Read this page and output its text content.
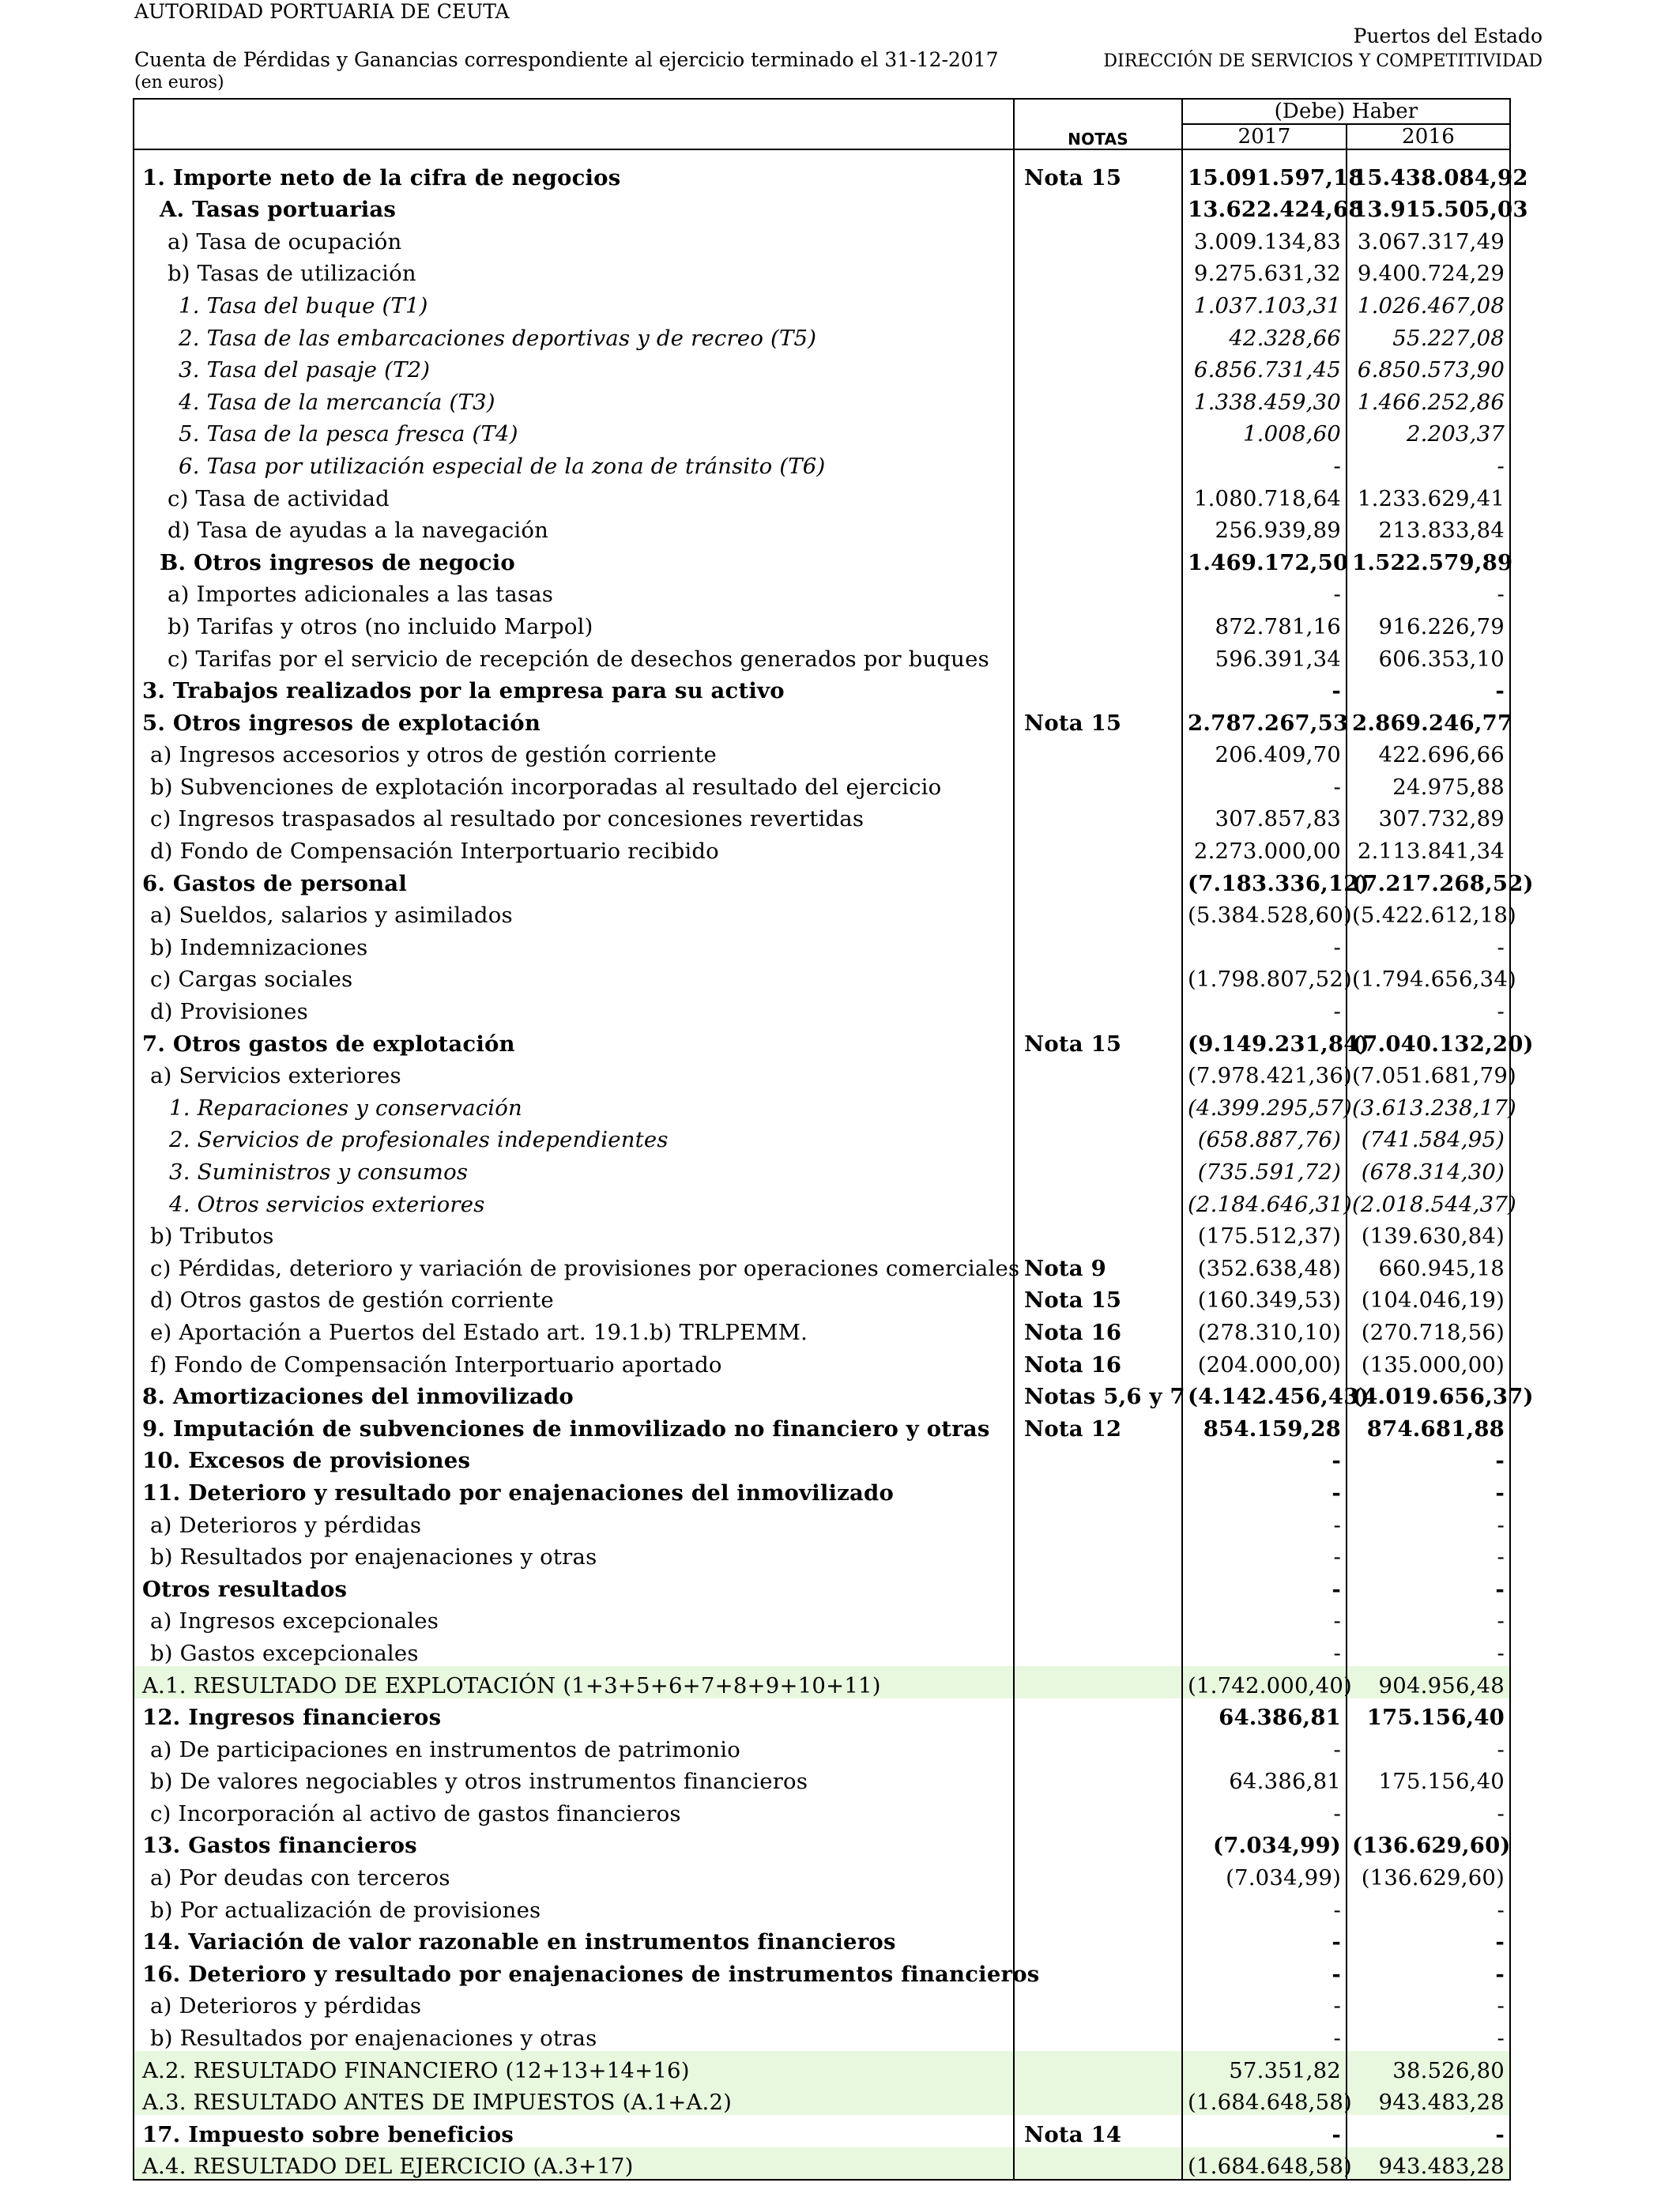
AUTORIDAD PORTUARIA DE CEUTA
Puertos del Estado
Cuenta de Pérdidas y Ganancias correspondiente al ejercicio terminado el 31-12-2017	DIRECCIÓN DE SERVICIOS Y COMPETITIVIDAD
(en euros)
	NOTAS	(Debe) Haber	
		2017	2016

1. Importe neto de la cifra de negocios	Nota 15	15.091.597,18	15.438.084,92
A. Tasas portuarias		13.622.424,68	13.915.505,03
a) Tasa de ocupación		3.009.134,83	3.067.317,49
b) Tasas de utilización		9.275.631,32	9.400.724,29
1. Tasa del buque (T1)		1.037.103,31	1.026.467,08
2. Tasa de las embarcaciones deportivas y de recreo (T5)		42.328,66	55.227,08
3. Tasa del pasaje (T2)		6.856.731,45	6.850.573,90
4. Tasa de la mercancía (T3)		1.338.459,30	1.466.252,86
5. Tasa de la pesca fresca (T4)		1.008,60	2.203,37
6. Tasa por utilización especial de la zona de tránsito (T6)		-	-
c) Tasa de actividad		1.080.718,64	1.233.629,41
d) Tasa de ayudas a la navegación		256.939,89	213.833,84
B. Otros ingresos de negocio		1.469.172,50	1.522.579,89
a) Importes adicionales a las tasas		-	-
b) Tarifas y otros (no incluido Marpol)		872.781,16	916.226,79
c) Tarifas por el servicio de recepción de desechos generados por buques		596.391,34	606.353,10
3. Trabajos realizados por la empresa para su activo		-	-
5. Otros ingresos de explotación	Nota 15	2.787.267,53	2.869.246,77
a) Ingresos accesorios y otros de gestión corriente		206.409,70	422.696,66
b) Subvenciones de explotación incorporadas al resultado del ejercicio		-	24.975,88
c) Ingresos traspasados al resultado por concesiones revertidas		307.857,83	307.732,89
d) Fondo de Compensación Interportuario recibido		2.273.000,00	2.113.841,34
6. Gastos de personal		(7.183.336,12)	(7.217.268,52)
a) Sueldos, salarios y asimilados		(5.384.528,60)	(5.422.612,18)
b) Indemnizaciones		-	-
c) Cargas sociales		(1.798.807,52)	(1.794.656,34)
d) Provisiones		-	-
7. Otros gastos de explotación	Nota 15	(9.149.231,84)	(7.040.132,20)
a) Servicios exteriores		(7.978.421,36)	(7.051.681,79)
1. Reparaciones y conservación		(4.399.295,57)	(3.613.238,17)
2. Servicios de profesionales independientes		(658.887,76)	(741.584,95)
3. Suministros y consumos		(735.591,72)	(678.314,30)
4. Otros servicios exteriores		(2.184.646,31)	(2.018.544,37)
b) Tributos		(175.512,37)	(139.630,84)
c) Pérdidas, deterioro y variación de provisiones por operaciones comerciales	Nota 9	(352.638,48)	660.945,18
d) Otros gastos de gestión corriente	Nota 15	(160.349,53)	(104.046,19)
e) Aportación a Puertos del Estado art. 19.1.b) TRLPEMM.	Nota 16	(278.310,10)	(270.718,56)
f) Fondo de Compensación Interportuario aportado	Nota 16	(204.000,00)	(135.000,00)
8. Amortizaciones del inmovilizado	Notas 5,6 y 7	(4.142.456,43)	(4.019.656,37)
9. Imputación de subvenciones de inmovilizado no financiero y otras	Nota 12	854.159,28	874.681,88
10. Excesos de provisiones		-	-
11. Deterioro y resultado por enajenaciones del inmovilizado		-	-
a) Deterioros y pérdidas		-	-
b) Resultados por enajenaciones y otras		-	-
Otros resultados		-	-
a) Ingresos excepcionales		-	-
b) Gastos excepcionales		-	-
A.1. RESULTADO DE EXPLOTACIÓN (1+3+5+6+7+8+9+10+11)		(1.742.000,40)	904.956,48
12. Ingresos financieros		64.386,81	175.156,40
a) De participaciones en instrumentos de patrimonio		-	-
b) De valores negociables y otros instrumentos financieros		64.386,81	175.156,40
c) Incorporación al activo de gastos financieros		-	-
13. Gastos financieros		(7.034,99)	(136.629,60)
a) Por deudas con terceros		(7.034,99)	(136.629,60)
b) Por actualización de provisiones		-	-
14. Variación de valor razonable en instrumentos financieros		-	-
16. Deterioro y resultado por enajenaciones de instrumentos financieros		-	-
a) Deterioros y pérdidas		-	-
b) Resultados por enajenaciones y otras		-	-
A.2. RESULTADO FINANCIERO (12+13+14+16)		57.351,82	38.526,80
A.3. RESULTADO ANTES DE IMPUESTOS (A.1+A.2)		(1.684.648,58)	943.483,28
17. Impuesto sobre beneficios	Nota 14	-	-
A.4. RESULTADO DEL EJERCICIO (A.3+17)		(1.684.648,58)	943.483,28
